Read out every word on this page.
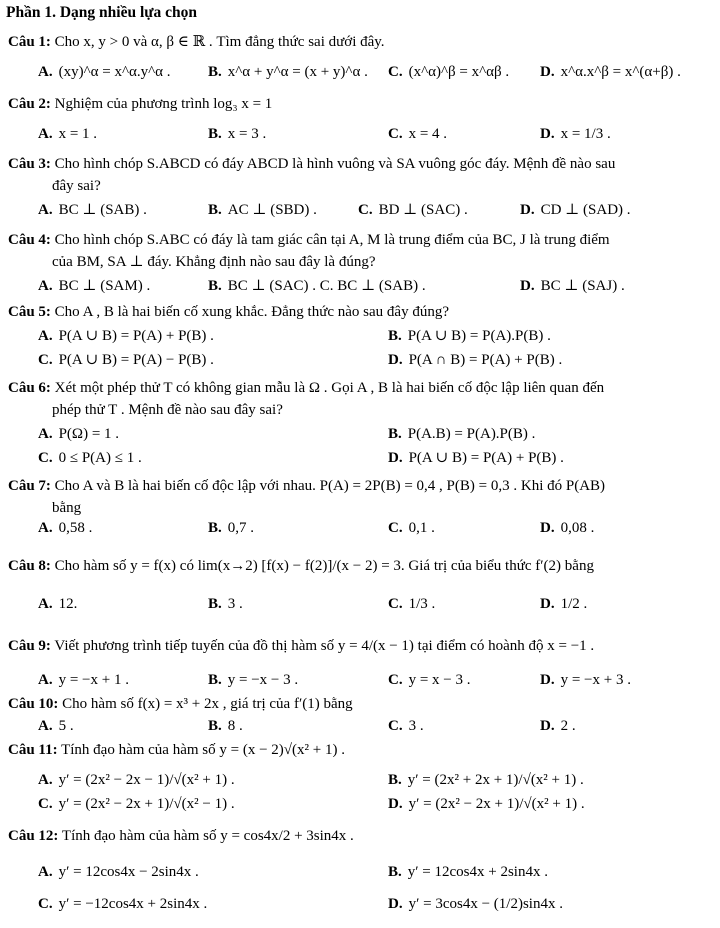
Phần 1. Dạng nhiều lựa chọn
Câu 1: Cho x, y > 0 và α, β ∈ ℝ . Tìm đẳng thức sai dưới đây.
A. (xy)^α = x^α.y^α .	B. x^α + y^α = (x + y)^α . C. (x^α)^β = x^αβ . D. x^α.x^β = x^(α+β) .
Câu 2: Nghiệm của phương trình log₃ x = 1
A. x = 1 .	B. x = 3 .	C. x = 4 .	D. x = 1/3 .
Câu 3: Cho hình chóp S.ABCD có đáy ABCD là hình vuông và SA vuông góc đáy. Mệnh đề nào sau
đây sai?
A. BC ⊥ (SAB) .	B. AC ⊥ (SBD) .	C. BD ⊥ (SAC) .	D. CD ⊥ (SAD) .
Câu 4: Cho hình chóp S.ABC có đáy là tam giác cân tại A, M là trung điểm của BC, J là trung điểm
của BM, SA ⊥ đáy. Khẳng định nào sau đây là đúng?
A. BC ⊥ (SAM) .	B. BC ⊥ (SAC) . C. BC ⊥ (SAB) .	D. BC ⊥ (SAJ) .
Câu 5: Cho A , B là hai biến cố xung khắc. Đẳng thức nào sau đây đúng?
A. P(A ∪ B) = P(A) + P(B) .	B. P(A ∪ B) = P(A).P(B) .
C. P(A ∪ B) = P(A) − P(B) .	D. P(A ∩ B) = P(A) + P(B) .
Câu 6: Xét một phép thử T có không gian mẫu là Ω . Gọi A , B là hai biến cố độc lập liên quan đến
phép thử T . Mệnh đề nào sau đây sai?
A. P(Ω) = 1 .	B. P(A.B) = P(A).P(B) .
C. 0 ≤ P(A) ≤ 1 .	D. P(A ∪ B) = P(A) + P(B) .
Câu 7: Cho A và B là hai biến cố độc lập với nhau. P(A) = 2P(B) = 0,4 , P(B) = 0,3 . Khi đó P(AB)
bằng
A. 0,58 .	B. 0,7 .	C. 0,1 .	D. 0,08 .
Câu 8: Cho hàm số y = f(x) có lim(x→2) [f(x) − f(2)]/(x − 2) = 3. Giá trị của biểu thức f′(2) bằng
A. 12.	B. 3 .	C. 1/3 .	D. 1/2 .
Câu 9: Viết phương trình tiếp tuyến của đồ thị hàm số y = 4/(x − 1) tại điểm có hoành độ x = −1 .
A. y = −x + 1 .	B. y = −x − 3 .	C. y = x − 3 .	D. y = −x + 3 .
Câu 10: Cho hàm số f(x) = x³ + 2x , giá trị của f′(1) bằng
A. 5 .	B. 8 .	C. 3 .	D. 2 .
Câu 11: Tính đạo hàm của hàm số y = (x − 2)√(x² + 1) .
A. y′ = (2x² − 2x − 1)/√(x² + 1) .	B. y′ = (2x² + 2x + 1)/√(x² + 1) .
C. y′ = (2x² − 2x + 1)/√(x² − 1) .	D. y′ = (2x² − 2x + 1)/√(x² + 1) .
Câu 12: Tính đạo hàm của hàm số y = cos4x/2 + 3sin4x .
A. y′ = 12cos4x − 2sin4x .	B. y′ = 12cos4x + 2sin4x .
C. y′ = −12cos4x + 2sin4x .	D. y′ = 3cos4x − (1/2)sin4x .
